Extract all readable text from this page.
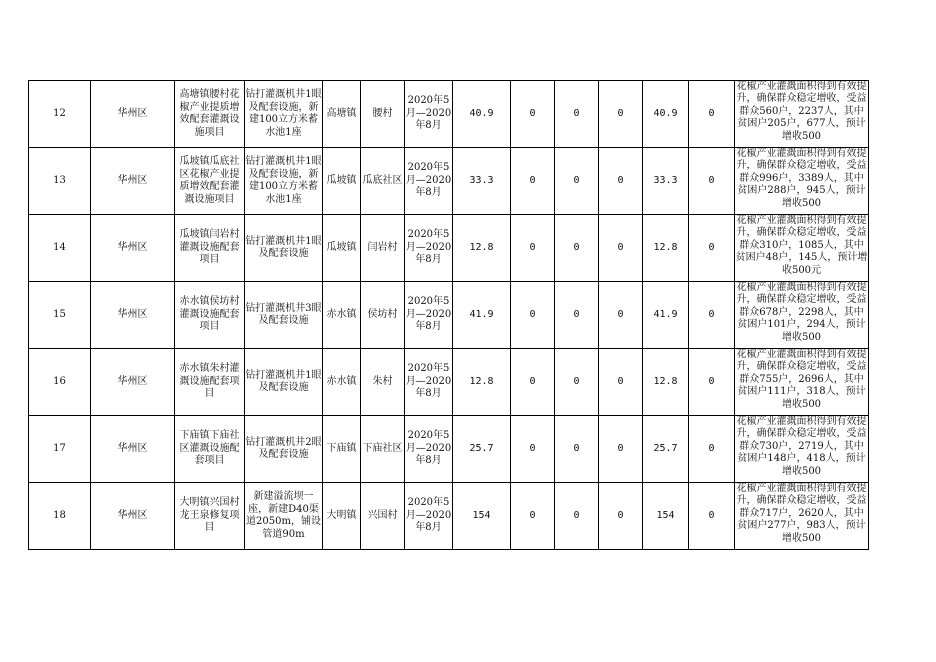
12	华州区	高塘镇腰村花椒产业提质增效配套灌溉设施项目	钻打灌溉机井1眼及配套设施，新建100立方米蓄水池1座	高塘镇	腰村	2020年5月—2020年8月	40.9	0	0	0	40.9	0	花椒产业灌溉面积得到有效提升，确保群众稳定增收，受益群众560户，2237人，其中贫困户205户，677人，预计增收500

13	华州区	瓜坡镇瓜底社区花椒产业提质增效配套灌溉设施项目	钻打灌溉机井1眼及配套设施，新建100立方米蓄水池1座	瓜坡镇	瓜底社区	2020年5月—2020年8月	33.3	0	0	0	33.3	0	花椒产业灌溉面积得到有效提升，确保群众稳定增收，受益群众996户，3389人，其中贫困户288户，945人，预计增收500

14	华州区	瓜坡镇闫岩村灌溉设施配套项目	钻打灌溉机井1眼及配套设施	瓜坡镇	闫岩村	2020年5月—2020年8月	12.8	0	0	0	12.8	0	花椒产业灌溉面积得到有效提升，确保群众稳定增收，受益群众310户，1085人，其中贫困户48户，145人，预计增收500元

15	华州区	赤水镇侯坊村灌溉设施配套项目	钻打灌溉机井3眼及配套设施	赤水镇	侯坊村	2020年5月—2020年8月	41.9	0	0	0	41.9	0	花椒产业灌溉面积得到有效提升，确保群众稳定增收，受益群众678户，2298人，其中贫困户101户，294人，预计增收500

16	华州区	赤水镇朱村灌溉设施配套项目	钻打灌溉机井1眼及配套设施	赤水镇	朱村	2020年5月—2020年8月	12.8	0	0	0	12.8	0	花椒产业灌溉面积得到有效提升，确保群众稳定增收，受益群众755户，2696人，其中贫困户111户，318人，预计增收500

17	华州区	下庙镇下庙社区灌溉设施配套项目	钻打灌溉机井2眼及配套设施	下庙镇	下庙社区	2020年5月—2020年8月	25.7	0	0	0	25.7	0	花椒产业灌溉面积得到有效提升，确保群众稳定增收，受益群众730户，2719人，其中贫困户148户，418人，预计增收500

18	华州区	大明镇兴国村龙王泉修复项目	新建溢流坝一座，新建D40渠道2050m，铺设管道90m	大明镇	兴国村	2020年5月—2020年8月	154	0	0	0	154	0	花椒产业灌溉面积得到有效提升，确保群众稳定增收，受益群众717户，2620人，其中贫困户277户，983人，预计增收500
